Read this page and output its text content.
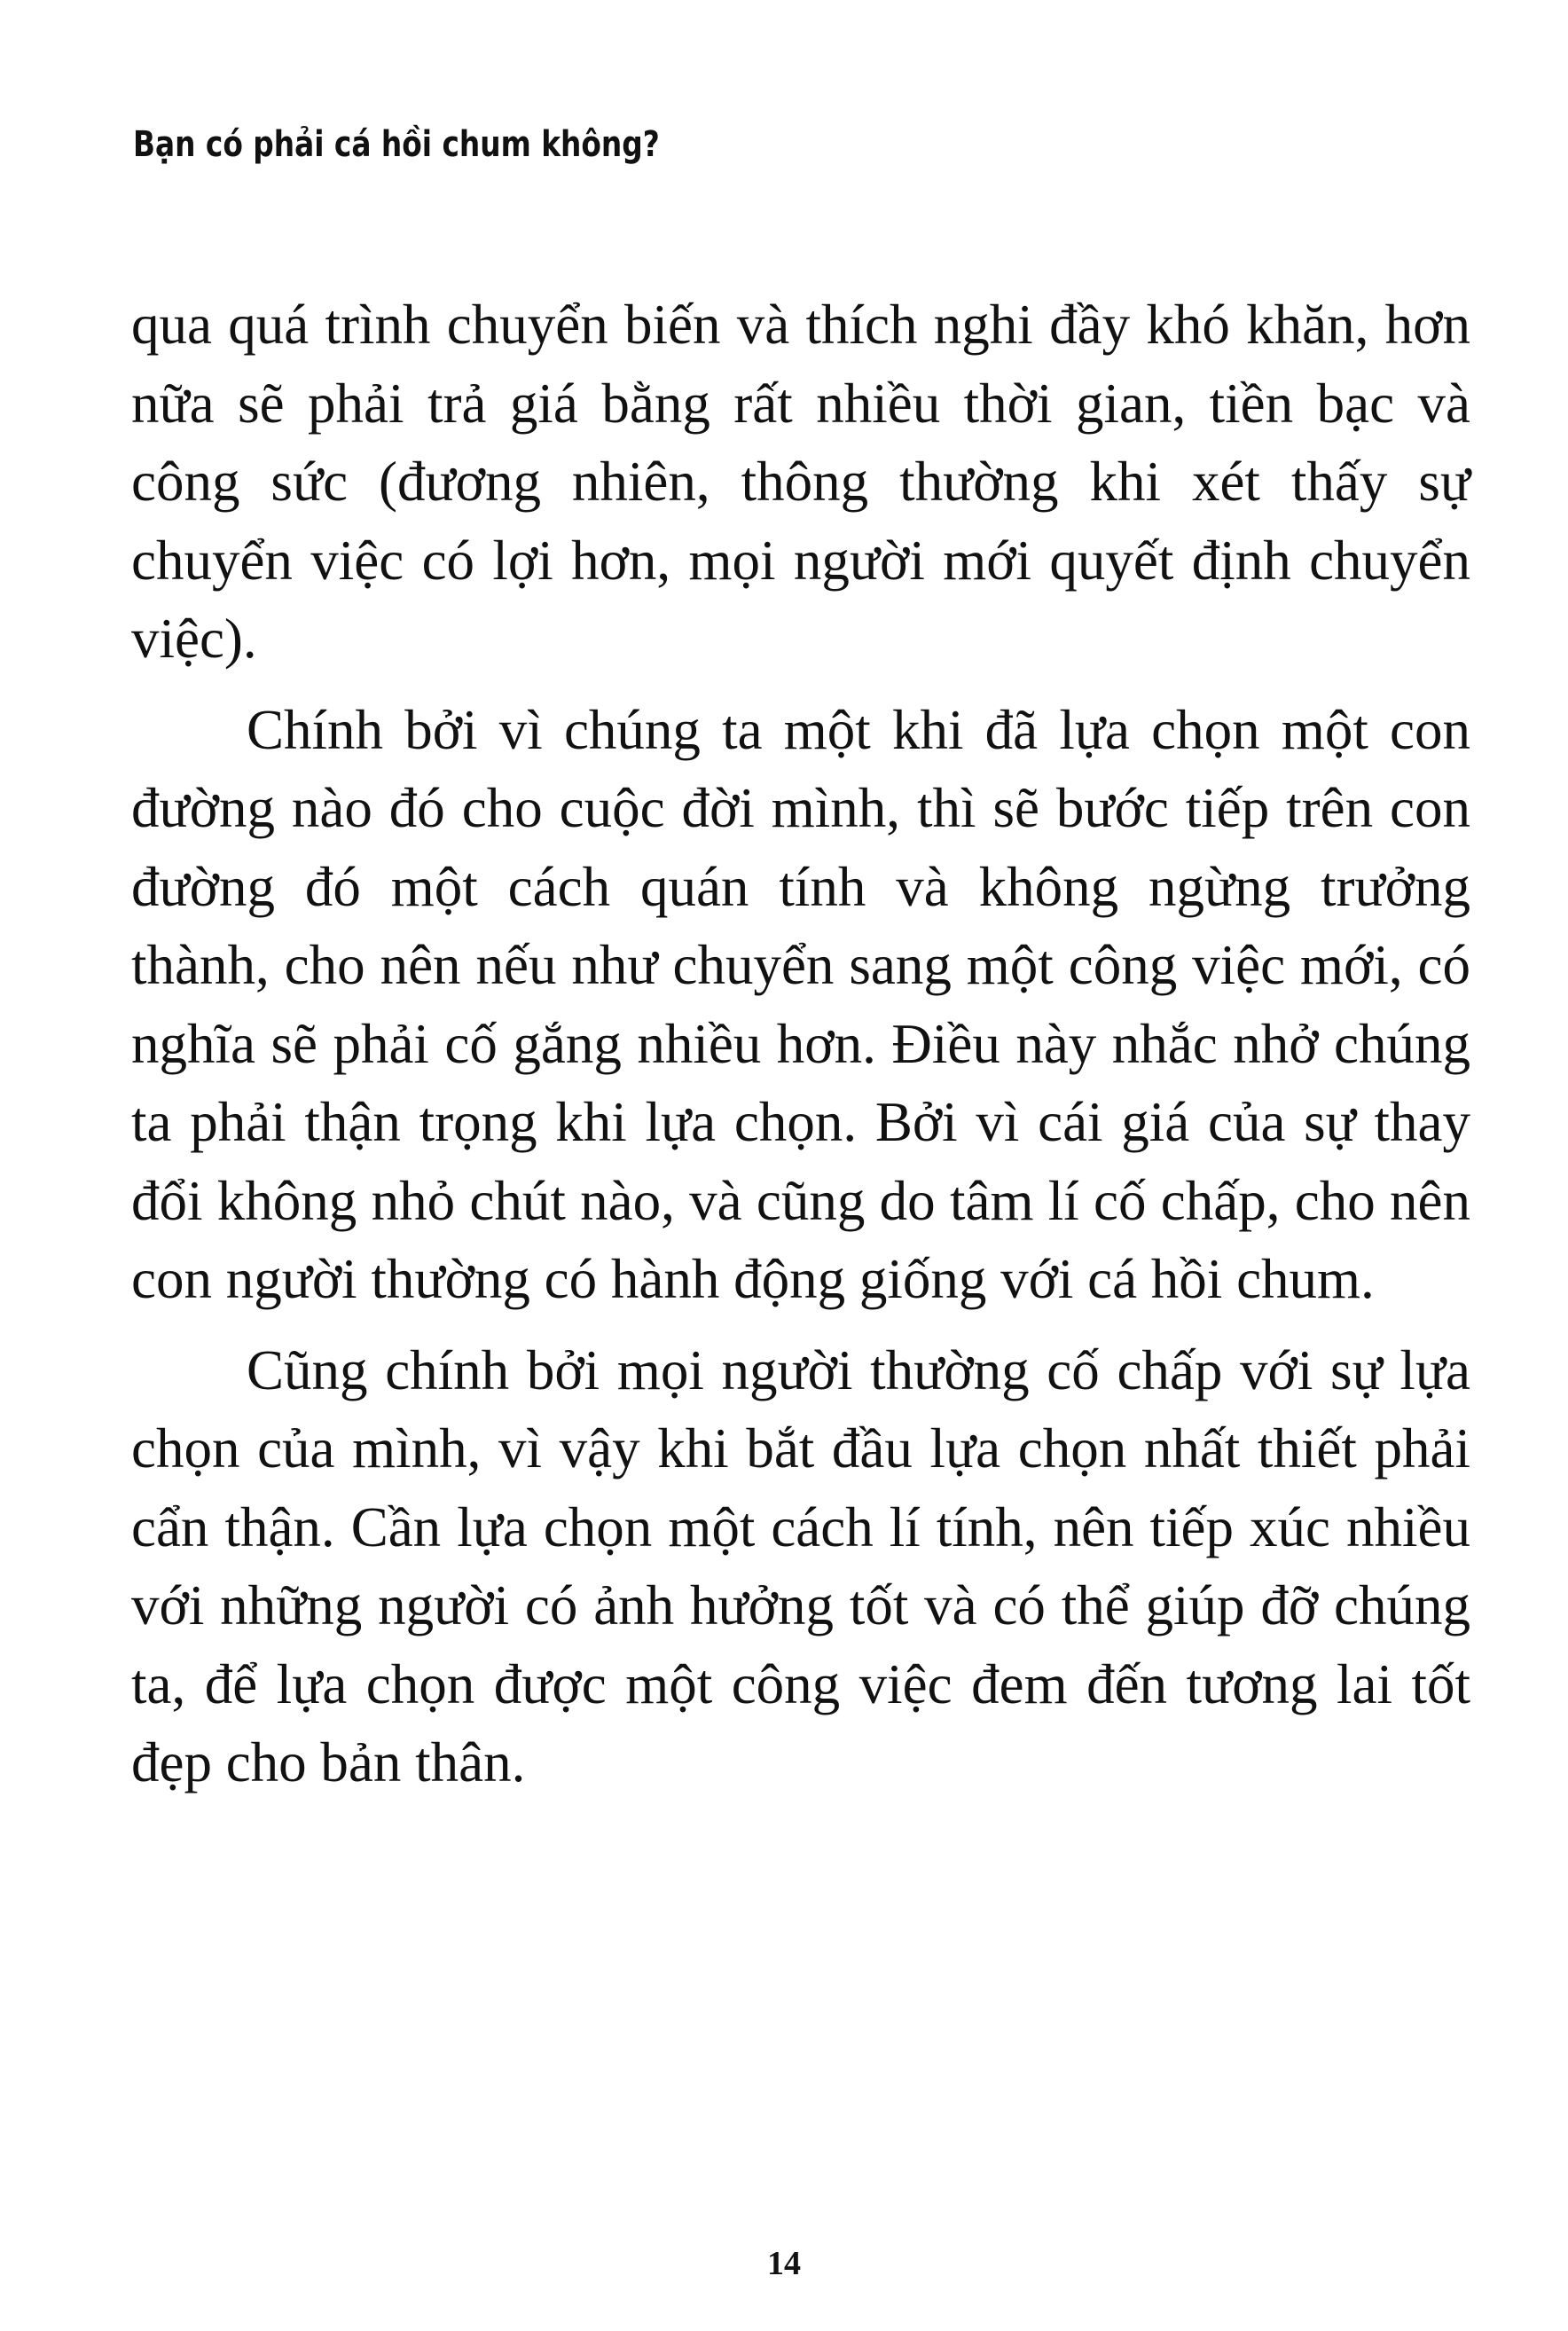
Bạn có phải cá hồi chum không?

qua quá trình chuyển biến và thích nghi đầy khó khăn, hơn nữa sẽ phải trả giá bằng rất nhiều thời gian, tiền bạc và công sức (đương nhiên, thông thường khi xét thấy sự chuyển việc có lợi hơn, mọi người mới quyết định chuyển việc).

Chính bởi vì chúng ta một khi đã lựa chọn một con đường nào đó cho cuộc đời mình, thì sẽ bước tiếp trên con đường đó một cách quán tính và không ngừng trưởng thành, cho nên nếu như chuyển sang một công việc mới, có nghĩa sẽ phải cố gắng nhiều hơn. Điều này nhắc nhở chúng ta phải thận trọng khi lựa chọn. Bởi vì cái giá của sự thay đổi không nhỏ chút nào, và cũng do tâm lí cố chấp, cho nên con người thường có hành động giống với cá hồi chum.

Cũng chính bởi mọi người thường cố chấp với sự lựa chọn của mình, vì vậy khi bắt đầu lựa chọn nhất thiết phải cẩn thận. Cần lựa chọn một cách lí tính, nên tiếp xúc nhiều với những người có ảnh hưởng tốt và có thể giúp đỡ chúng ta, để lựa chọn được một công việc đem đến tương lai tốt đẹp cho bản thân.

14
